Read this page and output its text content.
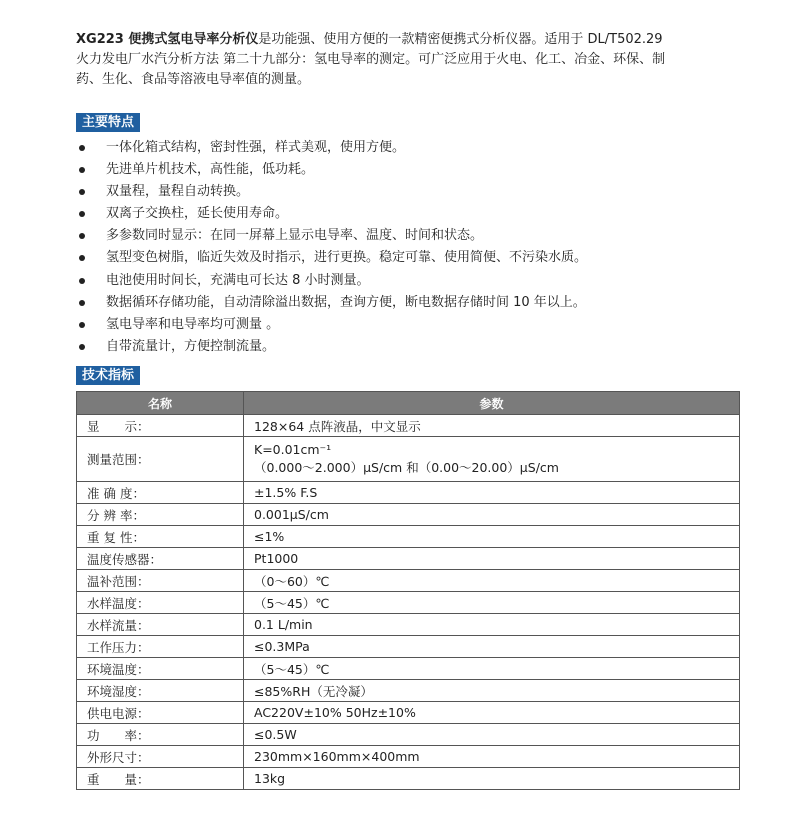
XG223 便携式氢电导率分析仪是功能强、使用方便的一款精密便携式分析仪器。适用于 DL/T502.29
火力发电厂水汽分析方法 第二十九部分：氢电导率的测定。可广泛应用于火电、化工、冶金、环保、制
药、生化、食品等溶液电导率值的测量。
主要特点
一体化箱式结构，密封性强，样式美观，使用方便。
先进单片机技术，高性能，低功耗。
双量程，量程自动转换。
双离子交换柱，延长使用寿命。
多参数同时显示：在同一屏幕上显示电导率、温度、时间和状态。
氢型变色树脂，临近失效及时指示，进行更换。稳定可靠、使用简便、不污染水质。
电池使用时间长，充满电可长达 8 小时测量。
数据循环存储功能，自动清除溢出数据，查询方便，断电数据存储时间 10 年以上。
氢电导率和电导率均可测量 。
自带流量计，方便控制流量。
技术指标
名称	参数
显　　示：	128×64 点阵液晶，中文显示
测量范围：	K=0.01cm⁻¹
（0.000～2.000）μS/cm 和（0.00～20.00）μS/cm

准 确 度：	±1.5% F.S
分 辨 率：	0.001μS/cm
重 复 性：	≤1%
温度传感器：	Pt1000
温补范围：	（0～60）℃
水样温度：	（5～45）℃
水样流量：	0.1 L/min
工作压力：	≤0.3MPa
环境温度：	（5～45）℃
环境湿度：	≤85%RH（无冷凝）
供电电源：	AC220V±10% 50Hz±10%
功　　率：	≤0.5W
外形尺寸：	230mm×160mm×400mm
重　　量：	13kg
